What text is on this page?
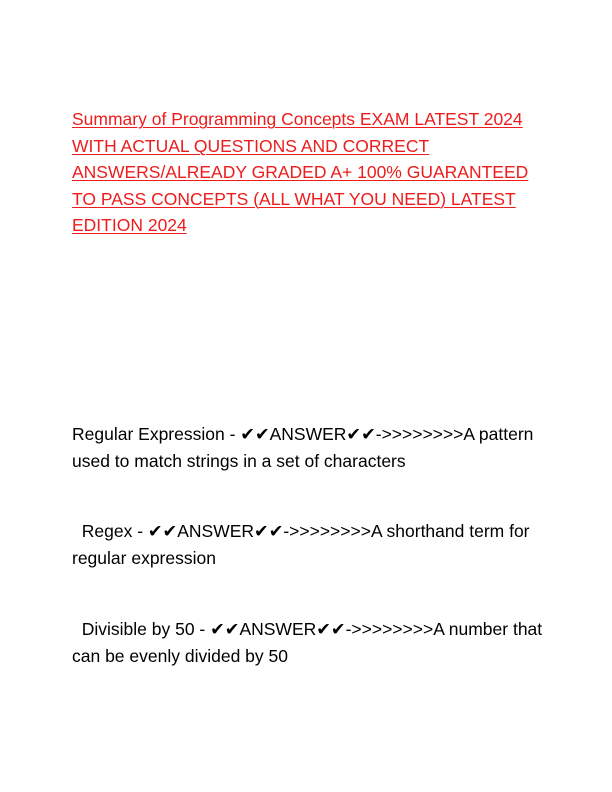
Summary of Programming Concepts EXAM LATEST 2024 WITH ACTUAL QUESTIONS AND CORRECT ANSWERS/ALREADY GRADED A+ 100% GUARANTEED TO PASS CONCEPTS (ALL WHAT YOU NEED) LATEST EDITION 2024

Regular Expression - ✔✔ANSWER✔✔->>>>>>>>A pattern used to match strings in a set of characters

Regex - ✔✔ANSWER✔✔->>>>>>>>A shorthand term for regular expression

Divisible by 50 - ✔✔ANSWER✔✔->>>>>>>>A number that can be evenly divided by 50
